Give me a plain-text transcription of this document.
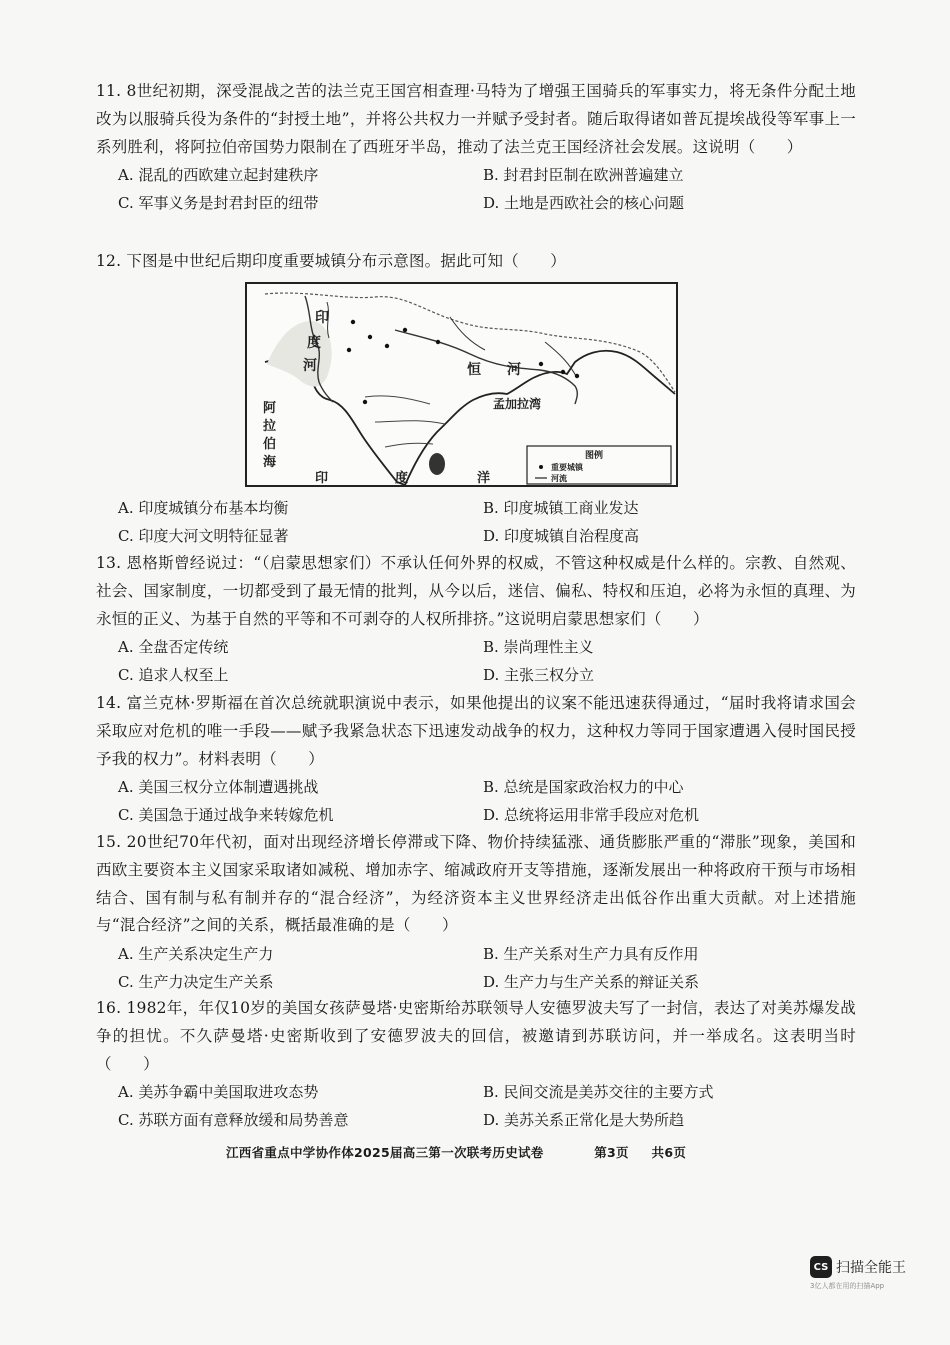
11. 8世纪初期，深受混战之苦的法兰克王国宫相查理·马特为了增强王国骑兵的军事实力，将无条件分配土地改为以服骑兵役为条件的“封授土地”，并将公共权力一并赋予受封者。随后取得诸如普瓦提埃战役等军事上一系列胜利，将阿拉伯帝国势力限制在了西班牙半岛，推动了法兰克王国经济社会发展。这说明（　　）
A. 混乱的西欧建立起封建秩序	B. 封君封臣制在欧洲普遍建立
C. 军事义务是封君封臣的纽带	D. 土地是西欧社会的核心问题
12. 下图是中世纪后期印度重要城镇分布示意图。据此可知（　　）
印
度
河	恒 河
孟加拉湾
阿
拉
伯
海
印	度	洋
图例
重要城镇
河流
A. 印度城镇分布基本均衡	B. 印度城镇工商业发达
C. 印度大河文明特征显著	D. 印度城镇自治程度高
13. 恩格斯曾经说过：“（启蒙思想家们）不承认任何外界的权威，不管这种权威是什么样的。宗教、自然观、社会、国家制度，一切都受到了最无情的批判，从今以后，迷信、偏私、特权和压迫，必将为永恒的真理、为永恒的正义、为基于自然的平等和不可剥夺的人权所排挤。”这说明启蒙思想家们（　　）
A. 全盘否定传统	B. 崇尚理性主义
C. 追求人权至上	D. 主张三权分立
14. 富兰克林·罗斯福在首次总统就职演说中表示，如果他提出的议案不能迅速获得通过，“届时我将请求国会采取应对危机的唯一手段——赋予我紧急状态下迅速发动战争的权力，这种权力等同于国家遭遇入侵时国民授予我的权力”。材料表明（　　）
A. 美国三权分立体制遭遇挑战	B. 总统是国家政治权力的中心
C. 美国急于通过战争来转嫁危机	D. 总统将运用非常手段应对危机
15. 20世纪70年代初，面对出现经济增长停滞或下降、物价持续猛涨、通货膨胀严重的“滞胀”现象，美国和西欧主要资本主义国家采取诸如减税、增加赤字、缩减政府开支等措施，逐渐发展出一种将政府干预与市场相结合、国有制与私有制并存的“混合经济”，为经济资本主义世界经济走出低谷作出重大贡献。对上述措施与“混合经济”之间的关系，概括最准确的是（　　）
A. 生产关系决定生产力	B. 生产关系对生产力具有反作用
C. 生产力决定生产关系	D. 生产力与生产关系的辩证关系
16. 1982年，年仅10岁的美国女孩萨曼塔·史密斯给苏联领导人安德罗波夫写了一封信，表达了对美苏爆发战争的担忧。不久萨曼塔·史密斯收到了安德罗波夫的回信，被邀请到苏联访问，并一举成名。这表明当时（　　）
A. 美苏争霸中美国取进攻态势	B. 民间交流是美苏交往的主要方式
C. 苏联方面有意释放缓和局势善意	D. 美苏关系正常化是大势所趋
江西省重点中学协作体2025届高三第一次联考历史试卷	第3页 共6页
CS 扫描全能王
3亿人都在用的扫描App
